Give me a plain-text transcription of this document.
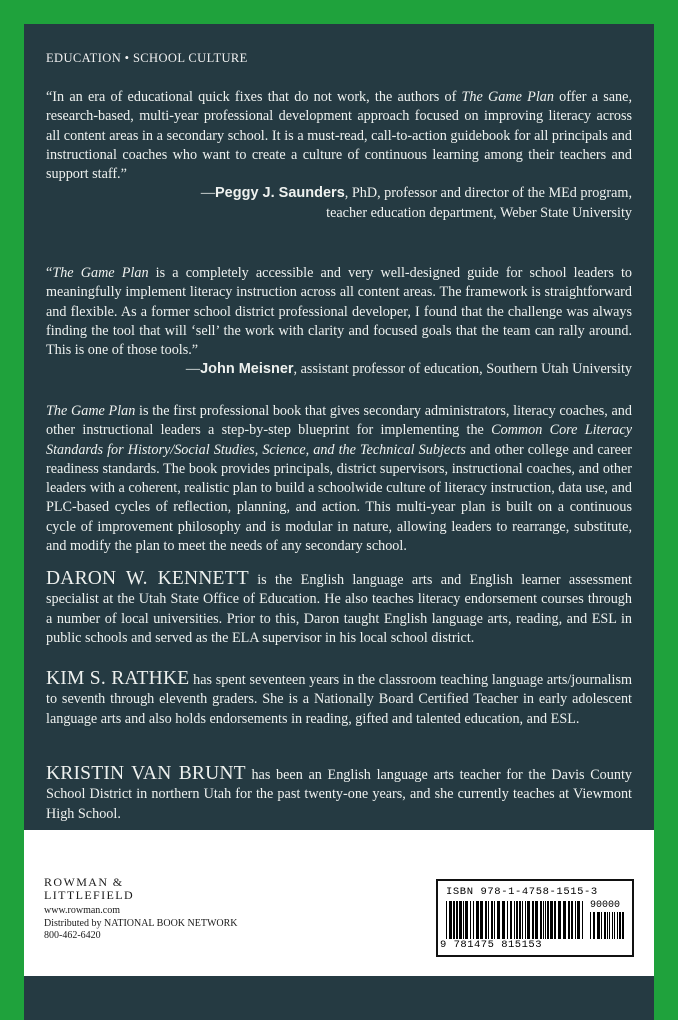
EDUCATION • SCHOOL CULTURE
“In an era of educational quick fixes that do not work, the authors of The Game Plan offer a sane, research-based, multi-year professional development approach focused on improving literacy across all content areas in a secondary school. It is a must-read, call-to-action guidebook for all principals and instructional coaches who want to create a culture of continuous learning among their teachers and support staff.”
—Peggy J. Saunders, PhD, professor and director of the MEd program,
teacher education department, Weber State University
“The Game Plan is a completely accessible and very well-designed guide for school leaders to meaningfully implement literacy instruction across all content areas. The framework is straightforward and flexible. As a former school district professional developer, I found that the challenge was always finding the tool that will ‘sell’ the work with clarity and focused goals that the team can rally around. This is one of those tools.”
—John Meisner, assistant professor of education, Southern Utah University
The Game Plan is the first professional book that gives secondary administrators, literacy coaches, and other instructional leaders a step-by-step blueprint for implementing the Common Core Literacy Standards for History/Social Studies, Science, and the Technical Subjects and other college and career readiness standards. The book provides principals, district supervisors, instructional coaches, and other leaders with a coherent, realistic plan to build a schoolwide culture of literacy instruction, data use, and PLC-based cycles of reflection, planning, and action. This multi-year plan is built on a continuous cycle of improvement philosophy and is modular in nature, allowing leaders to rearrange, substitute, and modify the plan to meet the needs of any secondary school.
DARON W. KENNETT is the English language arts and English learner assessment specialist at the Utah State Office of Education. He also teaches literacy endorsement courses through a number of local universities. Prior to this, Daron taught English language arts, reading, and ESL in public schools and served as the ELA supervisor in his local school district.
KIM S. RATHKE has spent seventeen years in the classroom teaching language arts/journalism to seventh through eleventh graders. She is a Nationally Board Certified Teacher in early adolescent language arts and also holds endorsements in reading, gifted and talented education, and ESL.
KRISTIN VAN BRUNT has been an English language arts teacher for the Davis County School District in northern Utah for the past twenty-one years, and she currently teaches at Viewmont High School.
ROWMAN &
LITTLEFIELD
www.rowman.com
Distributed by NATIONAL BOOK NETWORK
800-462-6420
ISBN 978-1-4758-1515-3
90000
9 781475 815153
